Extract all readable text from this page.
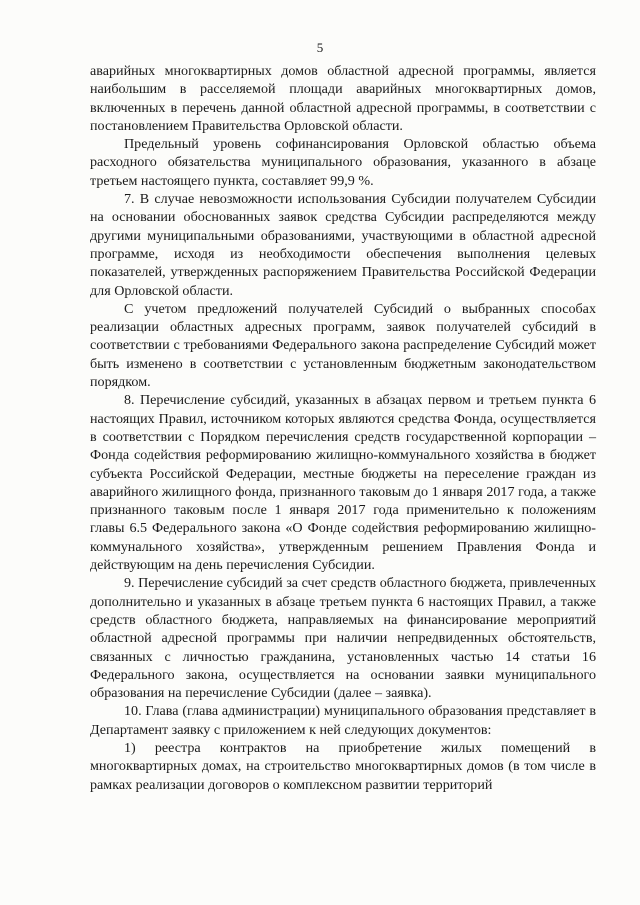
5

аварийных многоквартирных домов областной адресной программы, является наибольшим в расселяемой площади аварийных многоквартирных домов, включенных в перечень данной областной адресной программы, в соответствии с постановлением Правительства Орловской области.

Предельный уровень софинансирования Орловской областью объема расходного обязательства муниципального образования, указанного в абзаце третьем настоящего пункта, составляет 99,9 %.

7. В случае невозможности использования Субсидии получателем Субсидии на основании обоснованных заявок средства Субсидии распределяются между другими муниципальными образованиями, участвующими в областной адресной программе, исходя из необходимости обеспечения выполнения целевых показателей, утвержденных распоряжением Правительства Российской Федерации для Орловской области.

С учетом предложений получателей Субсидий о выбранных способах реализации областных адресных программ, заявок получателей субсидий в соответствии с требованиями Федерального закона распределение Субсидий может быть изменено в соответствии с установленным бюджетным законодательством порядком.

8. Перечисление субсидий, указанных в абзацах первом и третьем пункта 6 настоящих Правил, источником которых являются средства Фонда, осуществляется в соответствии с Порядком перечисления средств государственной корпорации – Фонда содействия реформированию жилищно-коммунального хозяйства в бюджет субъекта Российской Федерации, местные бюджеты на переселение граждан из аварийного жилищного фонда, признанного таковым до 1 января 2017 года, а также признанного таковым после 1 января 2017 года применительно к положениям главы 6.5 Федерального закона «О Фонде содействия реформированию жилищно-коммунального хозяйства», утвержденным решением Правления Фонда и действующим на день перечисления Субсидии.

9. Перечисление субсидий за счет средств областного бюджета, привлеченных дополнительно и указанных в абзаце третьем пункта 6 настоящих Правил, а также средств областного бюджета, направляемых на финансирование мероприятий областной адресной программы при наличии непредвиденных обстоятельств, связанных с личностью гражданина, установленных частью 14 статьи 16 Федерального закона, осуществляется на основании заявки муниципального образования на перечисление Субсидии (далее – заявка).

10. Глава (глава администрации) муниципального образования представляет в Департамент заявку с приложением к ней следующих документов:

1) реестра контрактов на приобретение жилых помещений в многоквартирных домах, на строительство многоквартирных домов (в том числе в рамках реализации договоров о комплексном развитии территорий
